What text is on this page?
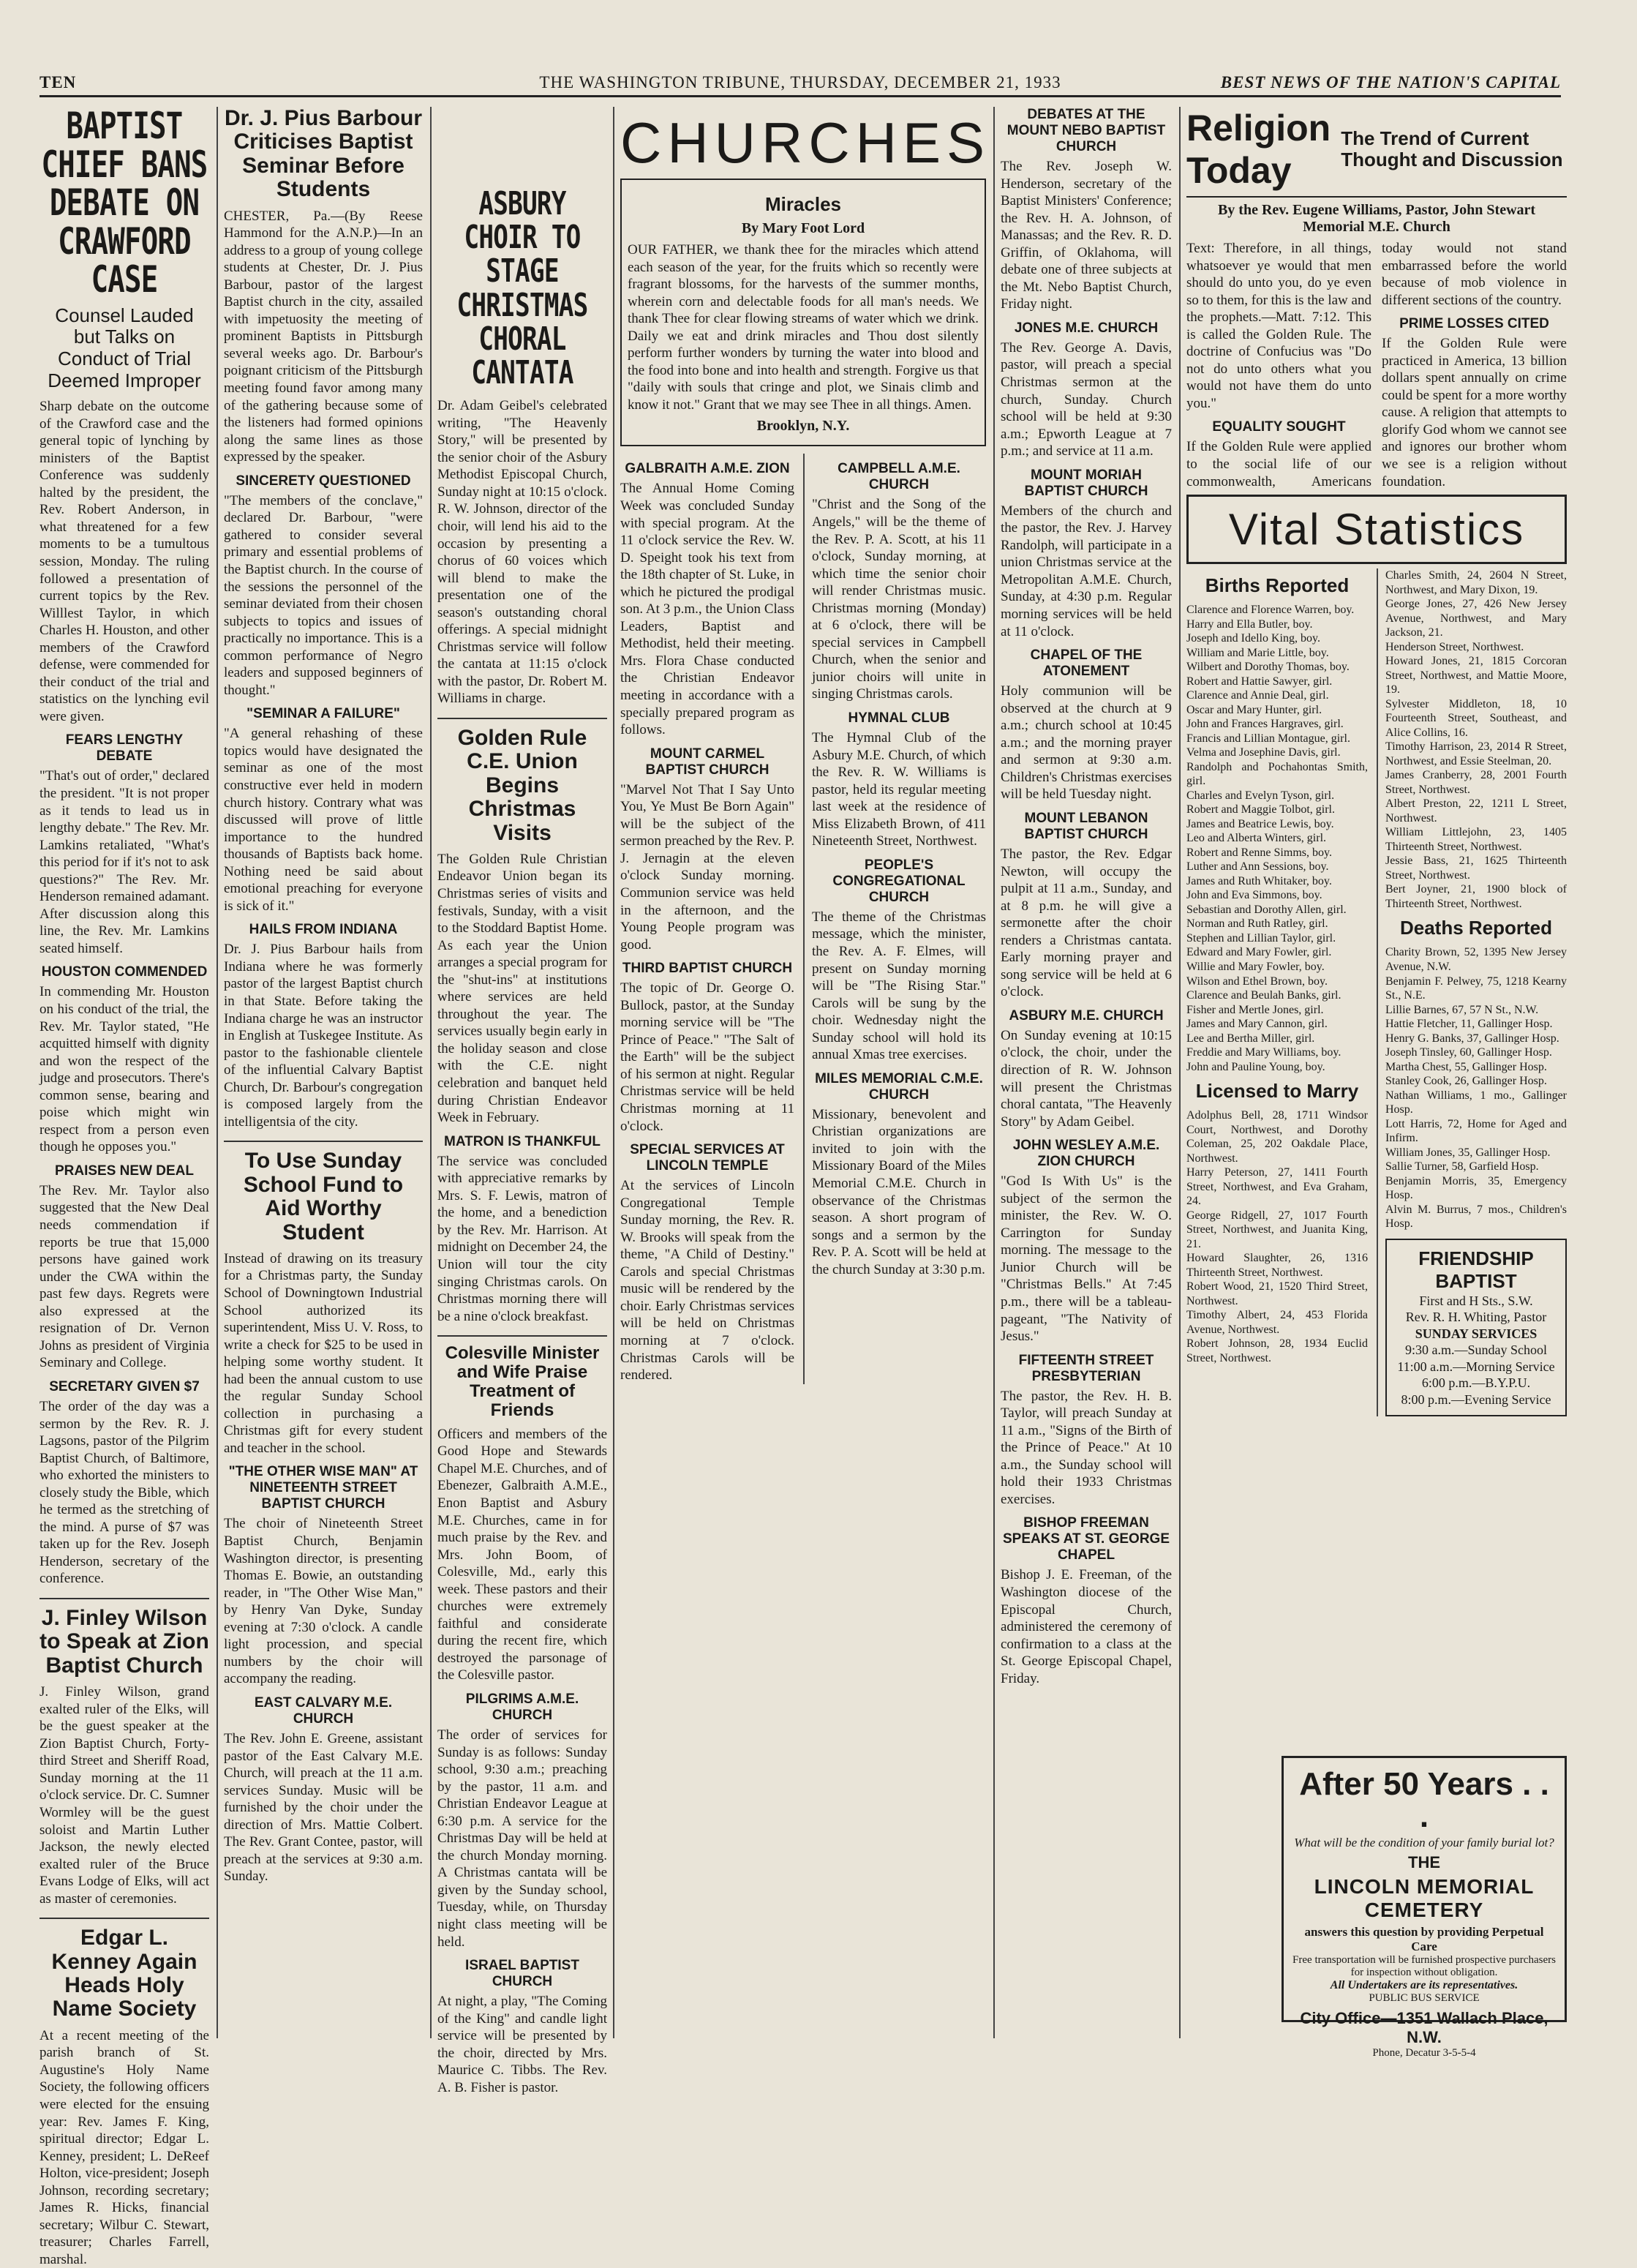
TEN	THE WASHINGTON TRIBUNE, THURSDAY, DECEMBER 21, 1933	BEST NEWS OF THE NATION'S CAPITAL
BAPTIST CHIEF BANS DEBATE ON CRAWFORD CASE
Counsel Lauded but Talks on Conduct of Trial Deemed Improper

Sharp debate on the outcome of the Crawford case and the general topic of lynching by ministers of the Baptist Conference was suddenly halted by the president, the Rev. Robert Anderson, in what threatened for a few moments to be a tumultous session, Monday. The ruling followed a presentation of current topics by the Rev. Willlest Taylor, in which Charles H. Houston, and other members of the Crawford defense, were commended for their conduct of the trial and statistics on the lynching evil were given.

FEARS LENGTHY DEBATE

"That's out of order," declared the president. "It is not proper as it tends to lead us in lengthy debate." The Rev. Mr. Lamkins retaliated, "What's this period for if it's not to ask questions?" The Rev. Mr. Henderson remained adamant. After discussion along this line, the Rev. Mr. Lamkins seated himself.

HOUSTON COMMENDED

In commending Mr. Houston on his conduct of the trial, the Rev. Mr. Taylor stated, "He acquitted himself with dignity and won the respect of the judge and prosecutors. There's common sense, bearing and poise which might win respect from a person even though he opposes you."

PRAISES NEW DEAL

The Rev. Mr. Taylor also suggested that the New Deal needs commendation if reports be true that 15,000 persons have gained work under the CWA within the past few days. Regrets were also expressed at the resignation of Dr. Vernon Johns as president of Virginia Seminary and College.

SECRETARY GIVEN $7

The order of the day was a sermon by the Rev. R. J. Lagsons, pastor of the Pilgrim Baptist Church, of Baltimore, who exhorted the ministers to closely study the Bible, which he termed as the stretching of the mind. A purse of $7 was taken up for the Rev. Joseph Henderson, secretary of the conference.

J. Finley Wilson to Speak at Zion Baptist Church

J. Finley Wilson, grand exalted ruler of the Elks, will be the guest speaker at the Zion Baptist Church, Forty-third Street and Sheriff Road, Sunday morning at the 11 o'clock service. Dr. C. Sumner Wormley will be the guest soloist and Martin Luther Jackson, the newly elected exalted ruler of the Bruce Evans Lodge of Elks, will act as master of ceremonies.

Edgar L. Kenney Again Heads Holy Name Society

At a recent meeting of the parish branch of St. Augustine's Holy Name Society, the following officers were elected for the ensuing year: Rev. James F. King, spiritual director; Edgar L. Kenney, president; L. DeReef Holton, vice-president; Joseph Johnson, recording secretary; James R. Hicks, financial secretary; Wilbur C. Stewart, treasurer; Charles Farrell, marshal.

Dr. J. Pius Barbour Criticises Baptist Seminar Before Students

CHESTER, Pa.—(By Reese Hammond for the A.N.P.)—In an address to a group of young college students at Chester, Dr. J. Pius Barbour, pastor of the largest Baptist church in the city, assailed with impetuosity the meeting of prominent Baptists in Pittsburgh several weeks ago. Dr. Barbour's poignant criticism of the Pittsburgh meeting found favor among many of the gathering because some of the listeners had formed opinions along the same lines as those expressed by the speaker.

SINCERETY QUESTIONED

"The members of the conclave," declared Dr. Barbour, "were gathered to consider several primary and essential problems of the Baptist church. In the course of the sessions the personnel of the seminar deviated from their chosen subjects to topics and issues of practically no importance. This is a common performance of Negro leaders and supposed beginners of thought."

"SEMINAR A FAILURE"

"A general rehashing of these topics would have designated the seminar as one of the most constructive ever held in modern church history. Contrary what was discussed will prove of little importance to the hundred thousands of Baptists back home. Nothing need be said about emotional preaching for everyone is sick of it."

HAILS FROM INDIANA

Dr. J. Pius Barbour hails from Indiana where he was formerly pastor of the largest Baptist church in that State. Before taking the Indiana charge he was an instructor in English at Tuskegee Institute. As pastor to the fashionable clientele of the influential Calvary Baptist Church, Dr. Barbour's congregation is composed largely from the intelligentsia of the city.

To Use Sunday School Fund to Aid Worthy Student

Instead of drawing on its treasury for a Christmas party, the Sunday School of Downingtown Industrial School authorized its superintendent, Miss U. V. Ross, to write a check for $25 to be used in helping some worthy student. It had been the annual custom to use the regular Sunday School collection in purchasing a Christmas gift for every student and teacher in the school.

"THE OTHER WISE MAN" AT NINETEENTH STREET BAPTIST CHURCH

The choir of Nineteenth Street Baptist Church, Benjamin Washington director, is presenting Thomas E. Bowie, an outstanding reader, in "The Other Wise Man," by Henry Van Dyke, Sunday evening at 7:30 o'clock. A candle light procession, and special numbers by the choir will accompany the reading.

EAST CALVARY M.E. CHURCH

The Rev. John E. Greene, assistant pastor of the East Calvary M.E. Church, will preach at the 11 a.m. services Sunday. Music will be furnished by the choir under the direction of Mrs. Mattie Colbert. The Rev. Grant Contee, pastor, will preach at the services at 9:30 a.m. Sunday.

ASBURY CHOIR TO STAGE CHRISTMAS CHORAL CANTATA

Dr. Adam Geibel's celebrated writing, "The Heavenly Story," will be presented by the senior choir of the Asbury Methodist Episcopal Church, Sunday night at 10:15 o'clock. R. W. Johnson, director of the choir, will lend his aid to the occasion by presenting a chorus of 60 voices which will blend to make the presentation one of the season's outstanding choral offerings. A special midnight Christmas service will follow the cantata at 11:15 o'clock with the pastor, Dr. Robert M. Williams in charge.

Golden Rule C.E. Union Begins Christmas Visits

The Golden Rule Christian Endeavor Union began its Christmas series of visits and festivals, Sunday, with a visit to the Stoddard Baptist Home. As each year the Union arranges a special program for the "shut-ins" at institutions where services are held throughout the year. The services usually begin early in the holiday season and close with the C.E. night celebration and banquet held during Christian Endeavor Week in February.

MATRON IS THANKFUL

The service was concluded with appreciative remarks by Mrs. S. F. Lewis, matron of the home, and a benediction by the Rev. Mr. Harrison. At midnight on December 24, the Union will tour the city singing Christmas carols. On Christmas morning there will be a nine o'clock breakfast.

Colesville Minister and Wife Praise Treatment of Friends

Officers and members of the Good Hope and Stewards Chapel M.E. Churches, and of Ebenezer, Galbraith A.M.E., Enon Baptist and Asbury M.E. Churches, came in for much praise by the Rev. and Mrs. John Boom, of Colesville, Md., early this week. These pastors and their churches were extremely faithful and considerate during the recent fire, which destroyed the parsonage of the Colesville pastor.

PILGRIMS A.M.E. CHURCH

The order of services for Sunday is as follows: Sunday school, 9:30 a.m.; preaching by the pastor, 11 a.m. and Christian Endeavor League at 6:30 p.m. A service for the Christmas Day will be held at the church Monday morning. A Christmas cantata will be given by the Sunday school, Tuesday, while, on Thursday night class meeting will be held.

ISRAEL BAPTIST CHURCH

At night, a play, "The Coming of the King" and candle light service will be presented by the choir, directed by Mrs. Maurice C. Tibbs. The Rev. A. B. Fisher is pastor.

CHURCHES
Miracles
By Mary Foot Lord

OUR FATHER, we thank thee for the miracles which attend each season of the year, for the fruits which so recently were fragrant blossoms, for the harvests of the summer months, wherein corn and delectable foods for all man's needs. We thank Thee for clear flowing streams of water which we drink. Daily we eat and drink miracles and Thou dost silently perform further wonders by turning the water into blood and the food into bone and into health and strength. Forgive us that "daily with souls that cringe and plot, we Sinais climb and know it not." Grant that we may see Thee in all things. Amen.

Brooklyn, N.Y.
GALBRAITH A.M.E. ZION

The Annual Home Coming Week was concluded Sunday with special program. At the 11 o'clock service the Rev. W. D. Speight took his text from the 18th chapter of St. Luke, in which he pictured the prodigal son. At 3 p.m., the Union Class Leaders, Baptist and Methodist, held their meeting. Mrs. Flora Chase conducted the Christian Endeavor meeting in accordance with a specially prepared program as follows.

MOUNT CARMEL BAPTIST CHURCH

"Marvel Not That I Say Unto You, Ye Must Be Born Again" will be the subject of the sermon preached by the Rev. P. J. Jernagin at the eleven o'clock Sunday morning. Communion service was held in the afternoon, and the Young People program was good.

THIRD BAPTIST CHURCH

The topic of Dr. George O. Bullock, pastor, at the Sunday morning service will be "The Prince of Peace." "The Salt of the Earth" will be the subject of his sermon at night. Regular Christmas service will be held Christmas morning at 11 o'clock.

SPECIAL SERVICES AT LINCOLN TEMPLE

At the services of Lincoln Congregational Temple Sunday morning, the Rev. R. W. Brooks will speak from the theme, "A Child of Destiny." Carols and special Christmas music will be rendered by the choir. Early Christmas services will be held on Christmas morning at 7 o'clock. Christmas Carols will be rendered.

CAMPBELL A.M.E. CHURCH

"Christ and the Song of the Angels," will be the theme of the Rev. P. A. Scott, at his 11 o'clock, Sunday morning, at which time the senior choir will render Christmas music. Christmas morning (Monday) at 6 o'clock, there will be special services in Campbell Church, when the senior and junior choirs will unite in singing Christmas carols.

HYMNAL CLUB

The Hymnal Club of the Asbury M.E. Church, of which the Rev. R. W. Williams is pastor, held its regular meeting last week at the residence of Miss Elizabeth Brown, of 411 Nineteenth Street, Northwest.

PEOPLE'S CONGREGATIONAL CHURCH

The theme of the Christmas message, which the minister, the Rev. A. F. Elmes, will present on Sunday morning will be "The Rising Star." Carols will be sung by the choir. Wednesday night the Sunday school will hold its annual Xmas tree exercises.

MILES MEMORIAL C.M.E. CHURCH

Missionary, benevolent and Christian organizations are invited to join with the Missionary Board of the Miles Memorial C.M.E. Church in observance of the Christmas season. A short program of songs and a sermon by the Rev. P. A. Scott will be held at the church Sunday at 3:30 p.m.

DEBATES AT THE MOUNT NEBO BAPTIST CHURCH

The Rev. Joseph W. Henderson, secretary of the Baptist Ministers' Conference; the Rev. H. A. Johnson, of Manassas; and the Rev. R. D. Griffin, of Oklahoma, will debate one of three subjects at the Mt. Nebo Baptist Church, Friday night.

JONES M.E. CHURCH

The Rev. George A. Davis, pastor, will preach a special Christmas sermon at the church, Sunday. Church school will be held at 9:30 a.m.; Epworth League at 7 p.m.; and service at 11 a.m.

MOUNT MORIAH BAPTIST CHURCH

Members of the church and the pastor, the Rev. J. Harvey Randolph, will participate in a union Christmas service at the Metropolitan A.M.E. Church, Sunday, at 4:30 p.m. Regular morning services will be held at 11 o'clock.

CHAPEL OF THE ATONEMENT

Holy communion will be observed at the church at 9 a.m.; church school at 10:45 a.m.; and the morning prayer and sermon at 9:30 a.m. Children's Christmas exercises will be held Tuesday night.

MOUNT LEBANON BAPTIST CHURCH

The pastor, the Rev. Edgar Newton, will occupy the pulpit at 11 a.m., Sunday, and at 8 p.m. he will give a sermonette after the choir renders a Christmas cantata. Early morning prayer and song service will be held at 6 o'clock.

ASBURY M.E. CHURCH

On Sunday evening at 10:15 o'clock, the choir, under the direction of R. W. Johnson will present the Christmas choral cantata, "The Heavenly Story" by Adam Geibel.

JOHN WESLEY A.M.E. ZION CHURCH

"God Is With Us" is the subject of the sermon the minister, the Rev. W. O. Carrington for Sunday morning. The message to the Junior Church will be "Christmas Bells." At 7:45 p.m., there will be a tableau-pageant, "The Nativity of Jesus."

FIFTEENTH STREET PRESBYTERIAN

The pastor, the Rev. H. B. Taylor, will preach Sunday at 11 a.m., "Signs of the Birth of the Prince of Peace." At 10 a.m., the Sunday school will hold their 1933 Christmas exercises.

BISHOP FREEMAN SPEAKS AT ST. GEORGE CHAPEL

Bishop J. E. Freeman, of the Washington diocese of the Episcopal Church, administered the ceremony of confirmation to a class at the St. George Episcopal Chapel, Friday.

Religion Today
The Trend of Current Thought and Discussion
By the Rev. Eugene Williams, Pastor, John Stewart Memorial M.E. Church

Text: Therefore, in all things, whatsoever ye would that men should do unto you, do ye even so to them, for this is the law and the prophets.—Matt. 7:12. This is called the Golden Rule. The doctrine of Confucius was "Do not do unto others what you would not have them do unto you."

EQUALITY SOUGHT

If the Golden Rule were applied to the social life of our commonwealth, Americans today would not stand embarrassed before the world because of mob violence in different sections of the country.

PRIME LOSSES CITED

If the Golden Rule were practiced in America, 13 billion dollars spent annually on crime could be spent for a more worthy cause. A religion that attempts to glorify God whom we cannot see and ignores our brother whom we see is a religion without foundation.

Vital Statistics
Births Reported
Clarence and Florence Warren, boy.
Harry and Ella Butler, boy.
Joseph and Idello King, boy.
William and Marie Little, boy.
Wilbert and Dorothy Thomas, boy.
Robert and Hattie Sawyer, girl.
Clarence and Annie Deal, girl.
Oscar and Mary Hunter, girl.
John and Frances Hargraves, girl.
Francis and Lillian Montague, girl.
Velma and Josephine Davis, girl.
Randolph and Pochahontas Smith, girl.
Charles and Evelyn Tyson, girl.
Robert and Maggie Tolbot, girl.
James and Beatrice Lewis, boy.
Leo and Alberta Winters, girl.
Robert and Renne Simms, boy.
Luther and Ann Sessions, boy.
James and Ruth Whitaker, boy.
John and Eva Simmons, boy.
Sebastian and Dorothy Allen, girl.
Norman and Ruth Ratley, girl.
Stephen and Lillian Taylor, girl.
Edward and Mary Fowler, girl.
Willie and Mary Fowler, boy.
Wilson and Ethel Brown, boy.
Clarence and Beulah Banks, girl.
Fisher and Mertle Jones, girl.
James and Mary Cannon, girl.
Lee and Bertha Miller, girl.
Freddie and Mary Williams, boy.
John and Pauline Young, boy.
Licensed to Marry
Adolphus Bell, 28, 1711 Windsor Court, Northwest, and Dorothy Coleman, 25, 202 Oakdale Place, Northwest.
Harry Peterson, 27, 1411 Fourth Street, Northwest, and Eva Graham, 24.
George Ridgell, 27, 1017 Fourth Street, Northwest, and Juanita King, 21.
Howard Slaughter, 26, 1316 Thirteenth Street, Northwest.
Robert Wood, 21, 1520 Third Street, Northwest.
Timothy Albert, 24, 453 Florida Avenue, Northwest.
Robert Johnson, 28, 1934 Euclid Street, Northwest.
Charles Smith, 24, 2604 N Street, Northwest, and Mary Dixon, 19.
George Jones, 27, 426 New Jersey Avenue, Northwest, and Mary Jackson, 21.
Henderson Street, Northwest.
Howard Jones, 21, 1815 Corcoran Street, Northwest, and Mattie Moore, 19.
Sylvester Middleton, 18, 10 Fourteenth Street, Southeast, and Alice Collins, 16.
Timothy Harrison, 23, 2014 R Street, Northwest, and Essie Steelman, 20.
James Cranberry, 28, 2001 Fourth Street, Northwest.
Albert Preston, 22, 1211 L Street, Northwest.
William Littlejohn, 23, 1405 Thirteenth Street, Northwest.
Jessie Bass, 21, 1625 Thirteenth Street, Northwest.
Bert Joyner, 21, 1900 block of Thirteenth Street, Northwest.
Deaths Reported
Charity Brown, 52, 1395 New Jersey Avenue, N.W.
Benjamin F. Pelwey, 75, 1218 Kearny St., N.E.
Lillie Barnes, 67, 57 N St., N.W.
Hattie Fletcher, 11, Gallinger Hosp.
Henry G. Banks, 37, Gallinger Hosp.
Joseph Tinsley, 60, Gallinger Hosp.
Martha Chest, 55, Gallinger Hosp.
Stanley Cook, 26, Gallinger Hosp.
Nathan Williams, 1 mo., Gallinger Hosp.
Lott Harris, 72, Home for Aged and Infirm.
William Jones, 35, Gallinger Hosp.
Sallie Turner, 58, Garfield Hosp.
Benjamin Morris, 35, Emergency Hosp.
Alvin M. Burrus, 7 mos., Children's Hosp.
FRIENDSHIP BAPTIST
First and H Sts., S.W.
Rev. R. H. Whiting, Pastor
SUNDAY SERVICES
9:30 a.m.—Sunday School
11:00 a.m.—Morning Service
6:00 p.m.—B.Y.P.U.
8:00 p.m.—Evening Service
After 50 Years . . .
What will be the condition of your family burial lot?
THE
LINCOLN MEMORIAL CEMETERY
answers this question by providing Perpetual Care
Free transportation will be furnished prospective purchasers for inspection without obligation.
All Undertakers are its representatives.
PUBLIC BUS SERVICE
City Office—1351 Wallach Place, N.W.
Phone, Decatur 3-5-5-4
